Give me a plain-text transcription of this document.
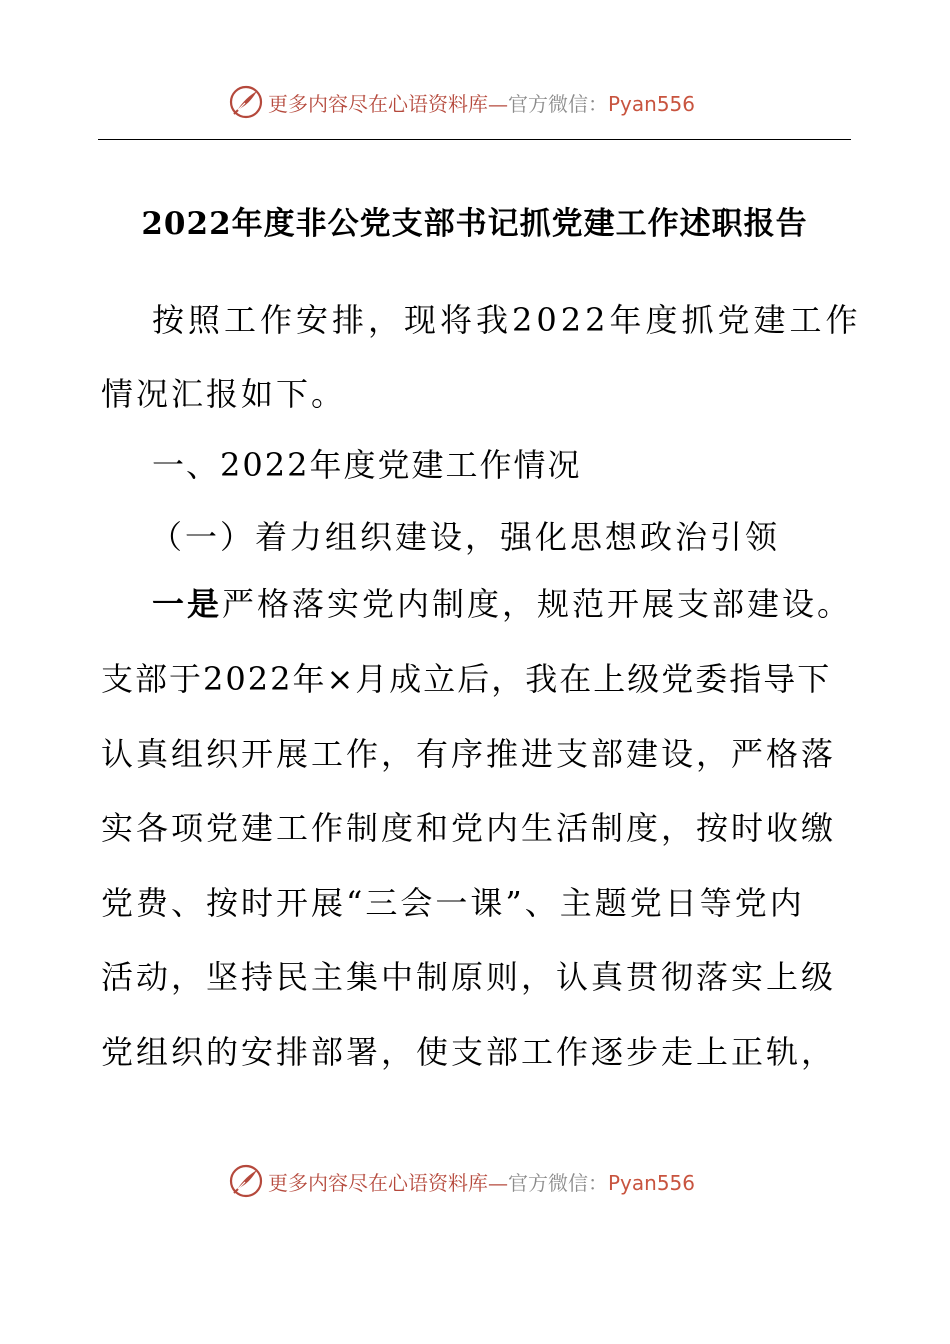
更多内容尽在心语资料库—官方微信：Pyan556
2022年度非公党支部书记抓党建工作述职报告
按照工作安排，现将我2022年度抓党建工作
情况汇报如下。
一、2022年度党建工作情况
（一）着力组织建设，强化思想政治引领
一是严格落实党内制度，规范开展支部建设。
支部于2022年×月成立后，我在上级党委指导下
认真组织开展工作，有序推进支部建设，严格落
实各项党建工作制度和党内生活制度，按时收缴
党费、按时开展“三会一课”、主题党日等党内
活动，坚持民主集中制原则，认真贯彻落实上级
党组织的安排部署，使支部工作逐步走上正轨，
更多内容尽在心语资料库—官方微信：Pyan556
